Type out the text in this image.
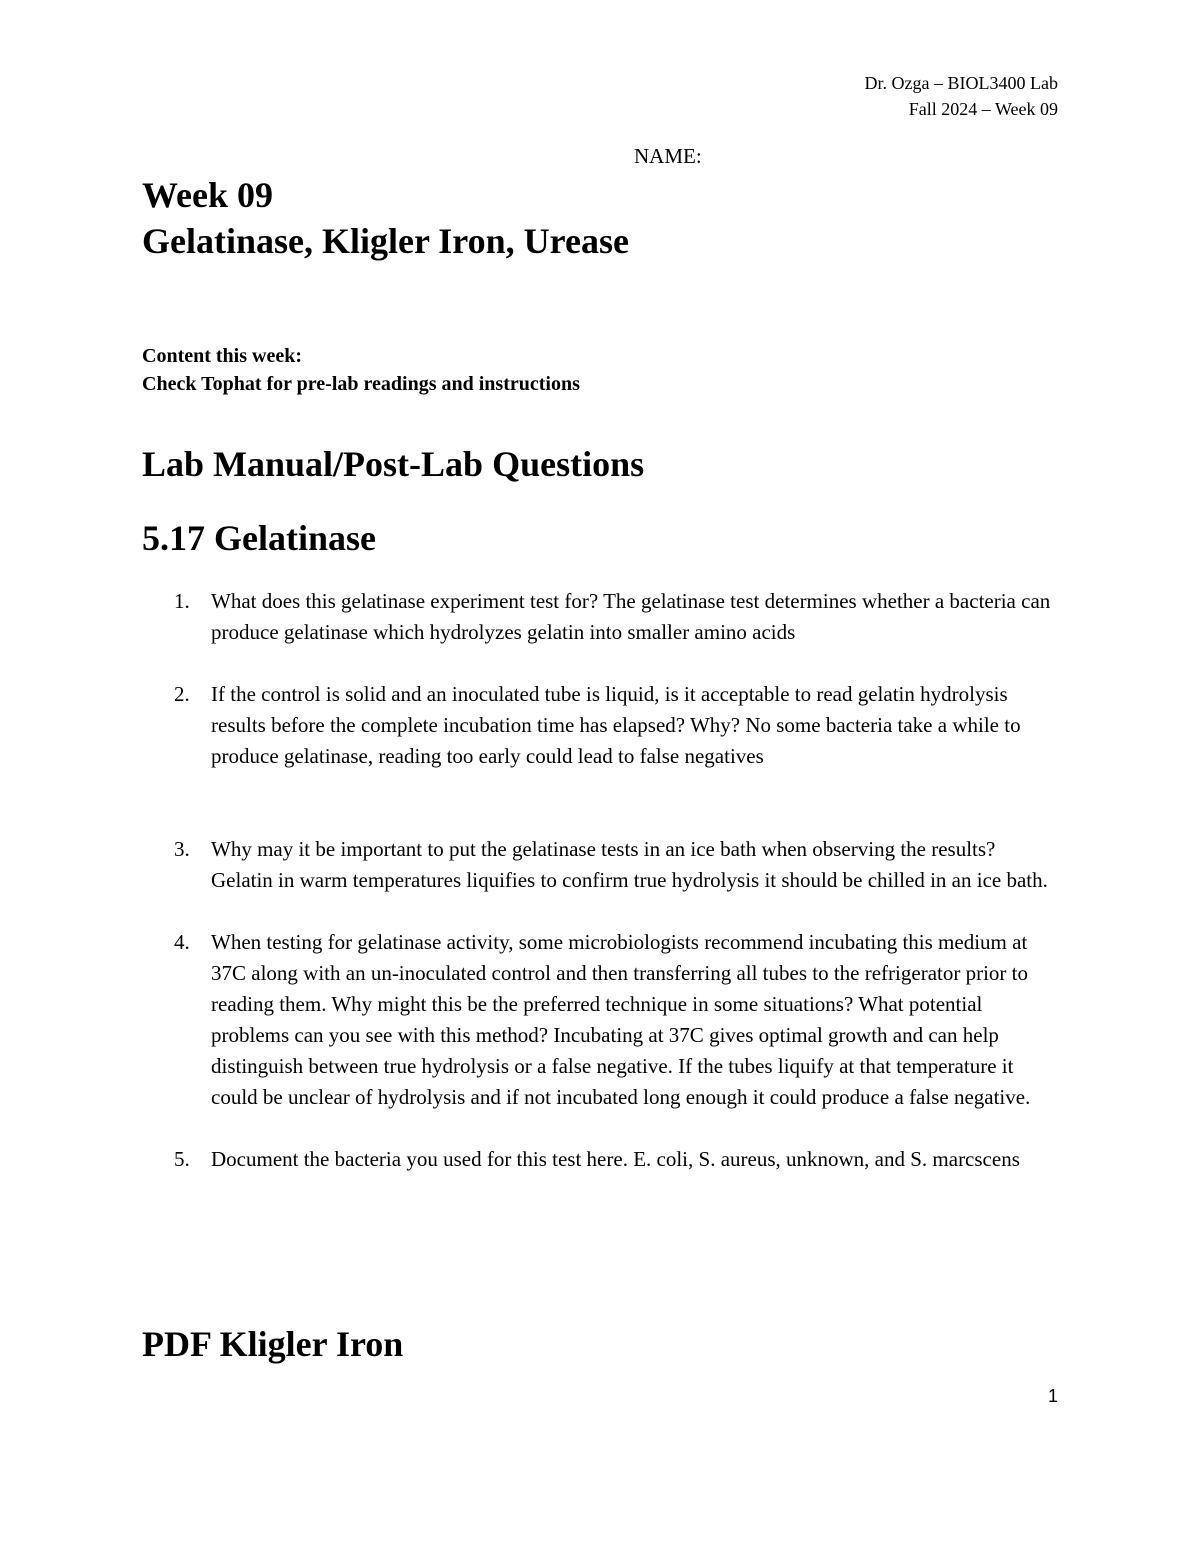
Dr. Ozga – BIOL3400 Lab
Fall 2024 – Week 09
NAME:
Week 09
Gelatinase, Kligler Iron, Urease
Content this week:
Check Tophat for pre-lab readings and instructions
Lab Manual/Post-Lab Questions
5.17 Gelatinase
1. What does this gelatinase experiment test for? The gelatinase test determines whether a bacteria can produce gelatinase which hydrolyzes gelatin into smaller amino acids
2. If the control is solid and an inoculated tube is liquid, is it acceptable to read gelatin hydrolysis results before the complete incubation time has elapsed? Why? No some bacteria take a while to produce gelatinase, reading too early could lead to false negatives
3. Why may it be important to put the gelatinase tests in an ice bath when observing the results? Gelatin in warm temperatures liquifies to confirm true hydrolysis it should be chilled in an ice bath.
4. When testing for gelatinase activity, some microbiologists recommend incubating this medium at 37C along with an un-inoculated control and then transferring all tubes to the refrigerator prior to reading them. Why might this be the preferred technique in some situations? What potential problems can you see with this method? Incubating at 37C gives optimal growth and can help distinguish between true hydrolysis or a false negative. If the tubes liquify at that temperature it could be unclear of hydrolysis and if not incubated long enough it could produce a false negative.
5. Document the bacteria you used for this test here. E. coli, S. aureus, unknown, and S. marcscens
PDF Kligler Iron
1
